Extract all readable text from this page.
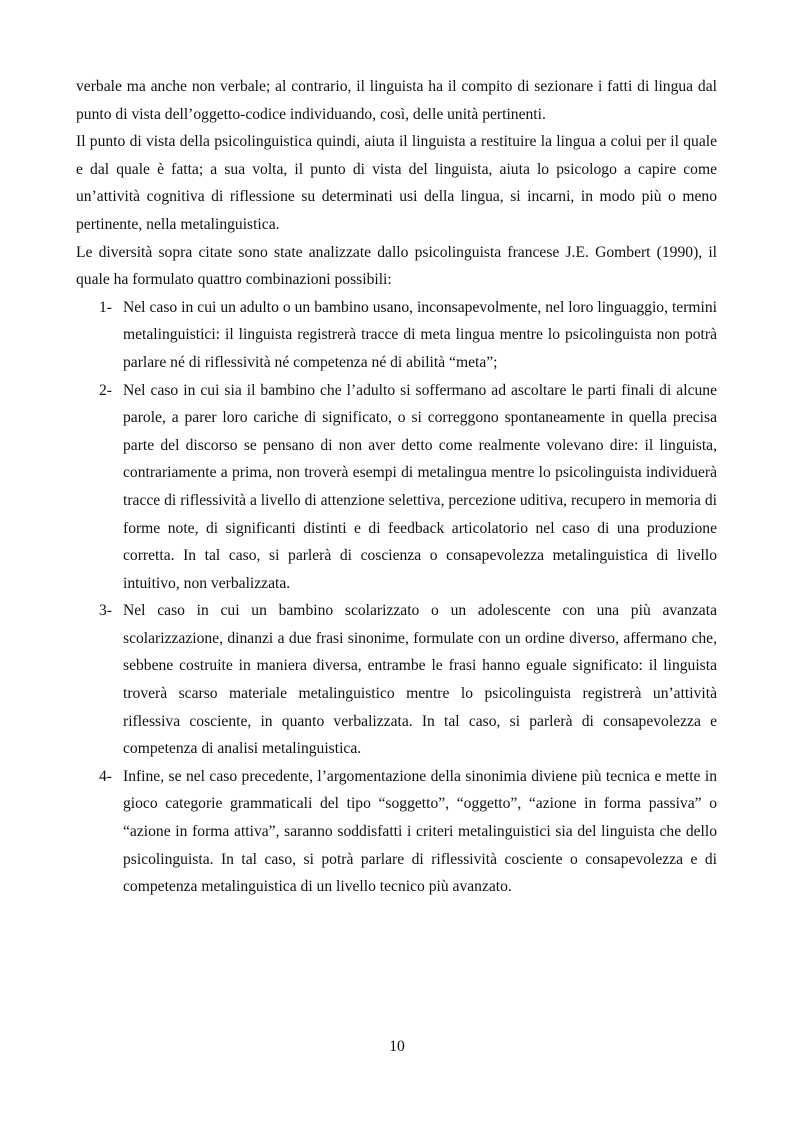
verbale ma anche non verbale; al contrario, il linguista ha il compito di sezionare i fatti di lingua dal punto di vista dell’oggetto-codice individuando, così, delle unità pertinenti.

Il punto di vista della psicolinguistica quindi, aiuta il linguista a restituire la lingua a colui per il quale e dal quale è fatta; a sua volta, il punto di vista del linguista, aiuta lo psicologo a capire come un’attività cognitiva di riflessione su determinati usi della lingua, si incarni, in modo più o meno pertinente, nella metalinguistica.

Le diversità sopra citate sono state analizzate dallo psicolinguista francese J.E. Gombert (1990), il quale ha formulato quattro combinazioni possibili:

1- Nel caso in cui un adulto o un bambino usano, inconsapevolmente, nel loro linguaggio, termini metalinguistici: il linguista registrerà tracce di meta lingua mentre lo psicolinguista non potrà parlare né di riflessività né competenza né di abilità “meta”;
2- Nel caso in cui sia il bambino che l’adulto si soffermano ad ascoltare le parti finali di alcune parole, a parer loro cariche di significato, o si correggono spontaneamente in quella precisa parte del discorso se pensano di non aver detto come realmente volevano dire: il linguista, contrariamente a prima, non troverà esempi di metalingua mentre lo psicolinguista individuerà tracce di riflessività a livello di attenzione selettiva, percezione uditiva, recupero in memoria di forme note, di significanti distinti e di feedback articolatorio nel caso di una produzione corretta. In tal caso, si parlerà di coscienza o consapevolezza metalinguistica di livello intuitivo, non verbalizzata.
3- Nel caso in cui un bambino scolarizzato o un adolescente con una più avanzata scolarizzazione, dinanzi a due frasi sinonime, formulate con un ordine diverso, affermano che, sebbene costruite in maniera diversa, entrambe le frasi hanno eguale significato: il linguista troverà scarso materiale metalinguistico mentre lo psicolinguista registrerà un’attività riflessiva cosciente, in quanto verbalizzata. In tal caso, si parlerà di consapevolezza e competenza di analisi metalinguistica.
4- Infine, se nel caso precedente, l’argomentazione della sinonimia diviene più tecnica e mette in gioco categorie grammaticali del tipo “soggetto”, “oggetto”, “azione in forma passiva” o “azione in forma attiva”, saranno soddisfatti i criteri metalinguistici sia del linguista che dello psicolinguista. In tal caso, si potrà parlare di riflessività cosciente o consapevolezza e di competenza metalinguistica di un livello tecnico più avanzato.
10
